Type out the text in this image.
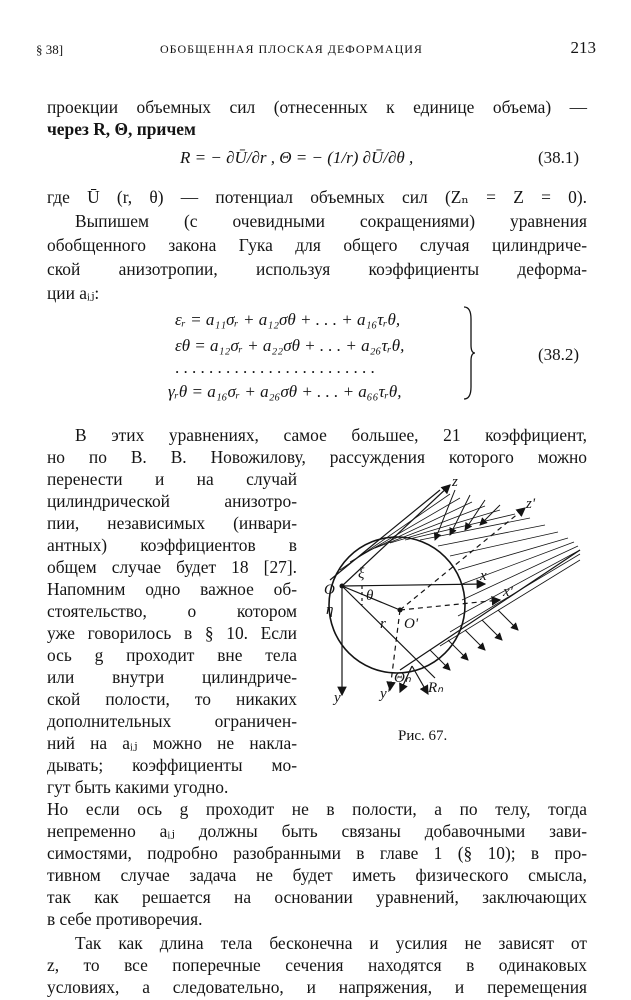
§ 38]	ОБОБЩЕННАЯ ПЛОСКАЯ ДЕФОРМАЦИЯ	213
проекции объемных сил (отнесенных к единице объема) —
через R, Θ, причем
R = − ∂Ū/∂r , Θ = − (1/r) ∂Ū/∂θ ,	(38.1)
где Ū (r, θ) — потенциал объемных сил (Zₙ = Z = 0).
Выпишем (с очевидными сокращениями) уравнения
обобщенного закона Гука для общего случая цилиндриче-
ской анизотропии, используя коэффициенты деформа-
ции aᵢⱼ:
εᵣ = a₁₁σᵣ + a₁₂σθ + . . . + a₁₆τᵣθ,
εθ = a₁₂σᵣ + a₂₂σθ + . . . + a₂₆τᵣθ,
. . . . . . . . . . . . . . . . . . . . . . . .
γᵣθ = a₁₆σᵣ + a₂₆σθ + . . . + a₆₆τᵣθ,
(38.2)
В этих уравнениях, самое большее, 21 коэффициент,
но по В. В. Новожилову, рассуждения которого можно
перенести и на случай
цилиндрической анизотро-
пии, независимых (инвари-
антных) коэффициентов в
общем случае будет 18 [27].
Напомним одно важное об-
стоятельство, о котором
уже говорилось в § 10. Если
ось g проходит вне тела
или внутри цилиндриче-
ской полости, то никаких
дополнительных ограничен-
ний на aᵢⱼ можно не накла-
дывать; коэффициенты мо-
гут быть какими угодно.
Но если ось g проходит не в полости, а по телу, тогда
непременно aᵢⱼ должны быть связаны добавочными зави-
симостями, подробно разобранными в главе 1 (§ 10); в про-
тивном случае задача не будет иметь физического смысла,
так как решается на основании уравнений, заключающих
в себе противоречия.
Так как длина тела бесконечна и усилия не зависят от
z, то все поперечные сечения находятся в одинаковых
условиях, а следовательно, и напряжения, и перемещения
z
z'
x
x'
O
O'
r
ξ
θ
η
y	y'
Θₙ
Rₙ
Рис. 67.
